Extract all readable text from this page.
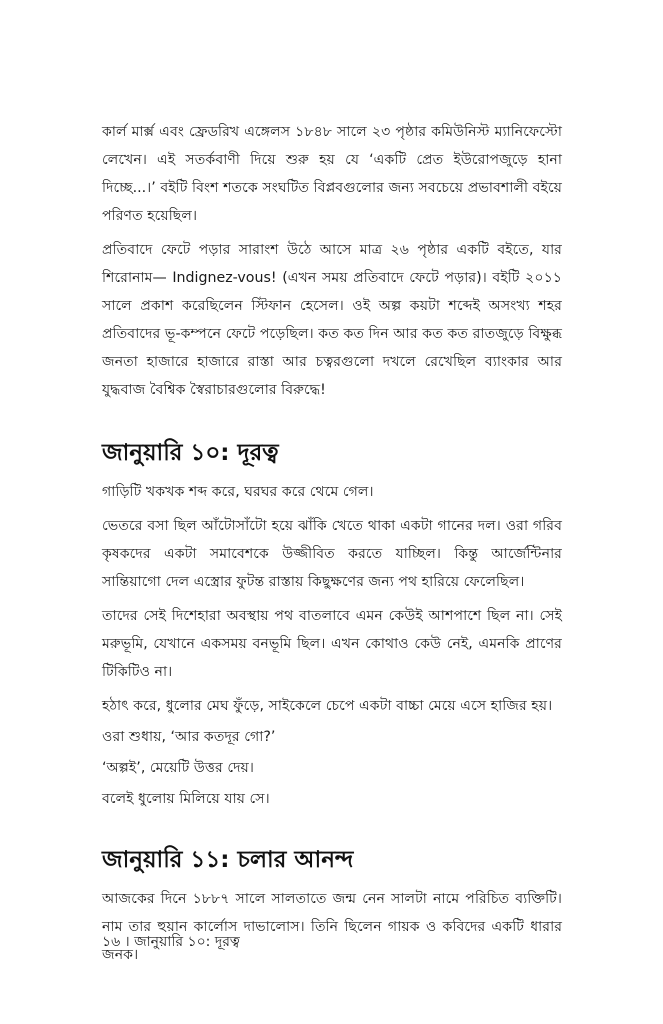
কার্ল মার্ক্স এবং ফ্রেডরিখ এঙ্গেলস ১৮৪৮ সালে ২৩ পৃষ্ঠার কমিউনিস্ট ম্যানিফেস্টো লেখেন। এই সতর্কবাণী দিয়ে শুরু হয় যে ‘একটি প্রেত ইউরোপজুড়ে হানা দিচ্ছে...।’ বইটি বিংশ শতকে সংঘটিত বিপ্লবগুলোর জন্য সবচেয়ে প্রভাবশালী বইয়ে পরিণত হয়েছিল।

প্রতিবাদে ফেটে পড়ার সারাংশ উঠে আসে মাত্র ২৬ পৃষ্ঠার একটি বইতে, যার শিরোনাম— Indignez-vous! (এখন সময় প্রতিবাদে ফেটে পড়ার)। বইটি ২০১১ সালে প্রকাশ করেছিলেন স্টিফান হেসেল। ওই অল্প কয়টা শব্দেই অসংখ্য শহর প্রতিবাদের ভূ-কম্পনে ফেটে পড়েছিল। কত কত দিন আর কত কত রাতজুড়ে বিক্ষুব্ধ জনতা হাজারে হাজারে রাস্তা আর চত্বরগুলো দখলে রেখেছিল ব্যাংকার আর যুদ্ধবাজ বৈশ্বিক স্বৈরাচারগুলোর বিরুদ্ধে!

জানুয়ারি ১০: দূরত্ব

গাড়িটি খকখক শব্দ করে, ঘরঘর করে থেমে গেল।

ভেতরে বসা ছিল আঁটোসাঁটো হয়ে ঝাঁকি খেতে থাকা একটা গানের দল। ওরা গরিব কৃষকদের একটা সমাবেশকে উজ্জীবিত করতে যাচ্ছিল। কিন্তু আর্জেন্টিনার সান্তিয়াগো দেল এস্ত্রোর ফুটন্ত রাস্তায় কিছুক্ষণের জন্য পথ হারিয়ে ফেলেছিল।

তাদের সেই দিশেহারা অবস্থায় পথ বাতলাবে এমন কেউই আশপাশে ছিল না। সেই মরুভূমি, যেখানে একসময় বনভূমি ছিল। এখন কোথাও কেউ নেই, এমনকি প্রাণের টিকিটিও না।

হঠাৎ করে, ধুলোর মেঘ ফুঁড়ে, সাইকেলে চেপে একটা বাচ্চা মেয়ে এসে হাজির হয়।

ওরা শুধায়, ‘আর কতদূর গো?’

‘অল্পই’, মেয়েটি উত্তর দেয়।

বলেই ধুলোয় মিলিয়ে যায় সে।

জানুয়ারি ১১: চলার আনন্দ

আজকের দিনে ১৮৮৭ সালে সালতাতে জন্ম নেন সালটা নামে পরিচিত ব্যক্তিটি। নাম তার হুয়ান কার্লোস দাভালোস। তিনি ছিলেন গায়ক ও কবিদের একটি ধারার জনক।

১৬ । জানুয়ারি ১০: দূরত্ব
